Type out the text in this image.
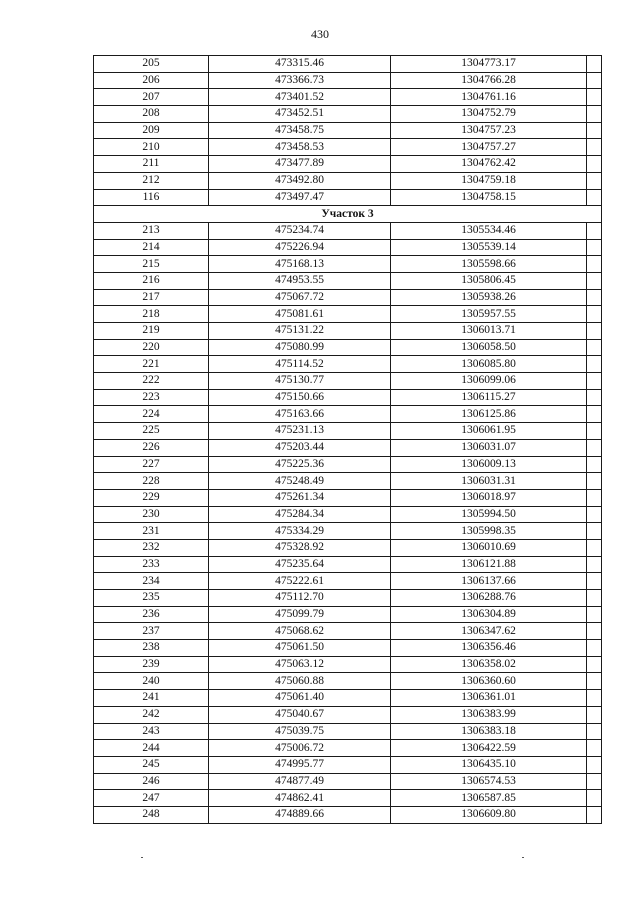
430
205	473315.46	1304773.17	
206	473366.73	1304766.28	
207	473401.52	1304761.16	
208	473452.51	1304752.79	
209	473458.75	1304757.23	
210	473458.53	1304757.27	
211	473477.89	1304762.42	
212	473492.80	1304759.18	
116	473497.47	1304758.15	
Участок 3			
213	475234.74	1305534.46	
214	475226.94	1305539.14	
215	475168.13	1305598.66	
216	474953.55	1305806.45	
217	475067.72	1305938.26	
218	475081.61	1305957.55	
219	475131.22	1306013.71	
220	475080.99	1306058.50	
221	475114.52	1306085.80	
222	475130.77	1306099.06	
223	475150.66	1306115.27	
224	475163.66	1306125.86	
225	475231.13	1306061.95	
226	475203.44	1306031.07	
227	475225.36	1306009.13	
228	475248.49	1306031.31	
229	475261.34	1306018.97	
230	475284.34	1305994.50	
231	475334.29	1305998.35	
232	475328.92	1306010.69	
233	475235.64	1306121.88	
234	475222.61	1306137.66	
235	475112.70	1306288.76	
236	475099.79	1306304.89	
237	475068.62	1306347.62	
238	475061.50	1306356.46	
239	475063.12	1306358.02	
240	475060.88	1306360.60	
241	475061.40	1306361.01	
242	475040.67	1306383.99	
243	475039.75	1306383.18	
244	475006.72	1306422.59	
245	474995.77	1306435.10	
246	474877.49	1306574.53	
247	474862.41	1306587.85	
248	474889.66	1306609.80	
